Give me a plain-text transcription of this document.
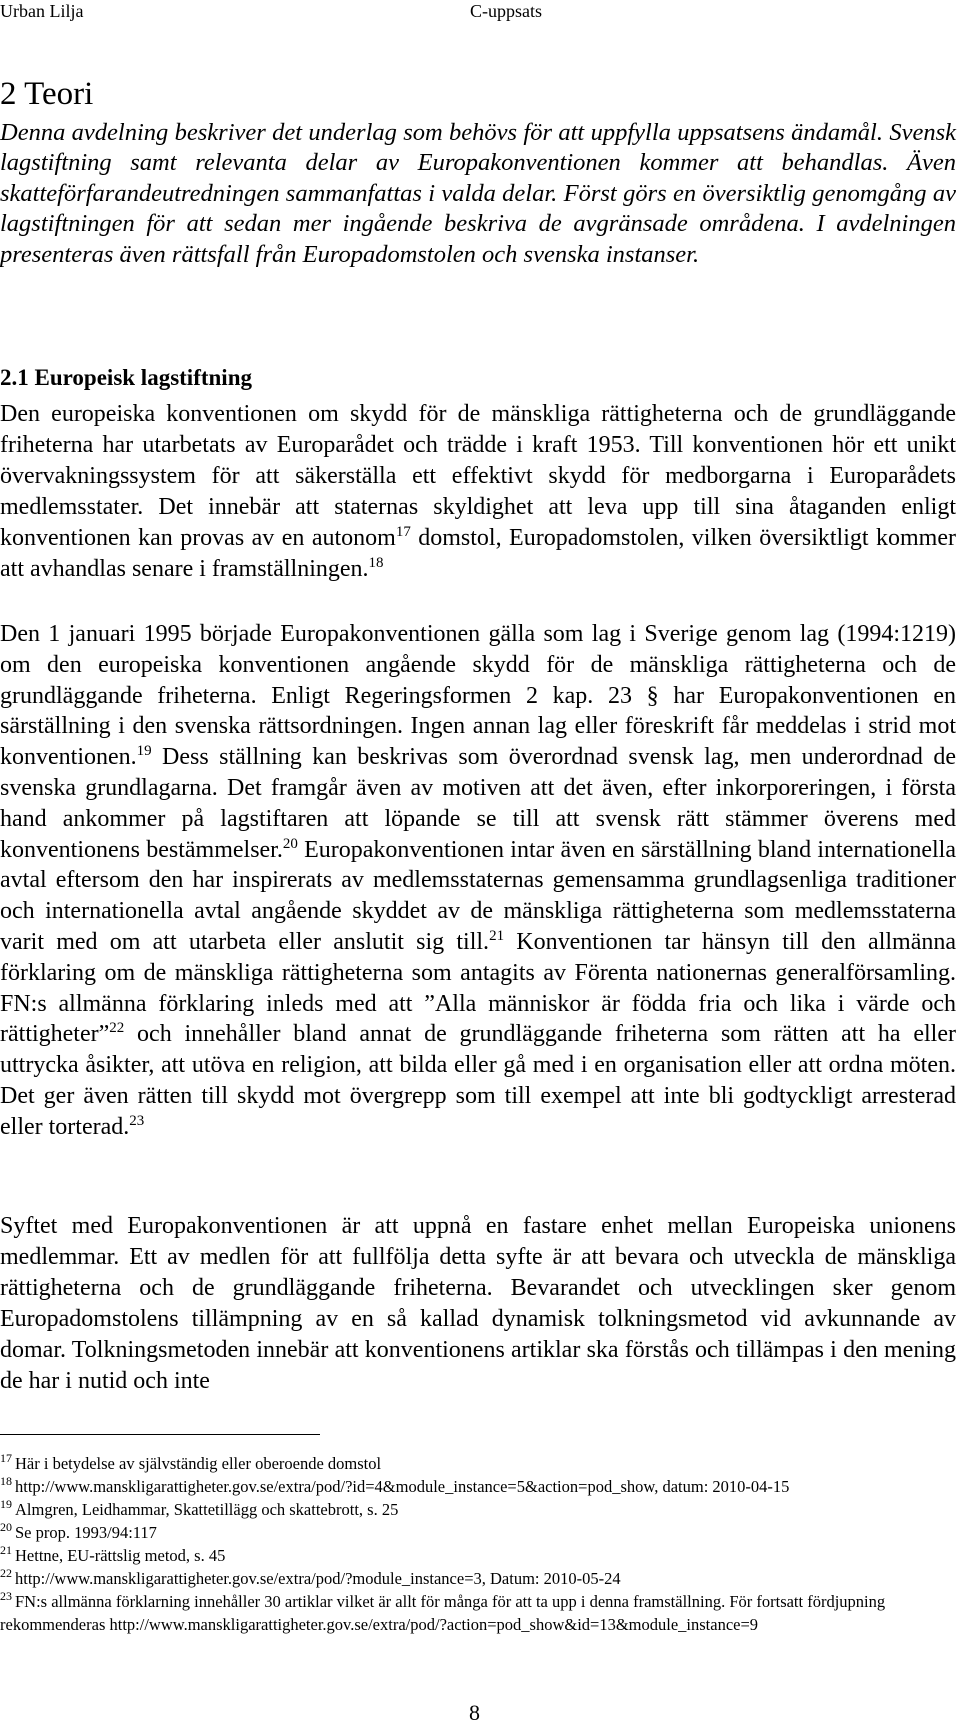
Urban Lilja	C-uppsats
2 Teori

Denna avdelning beskriver det underlag som behövs för att uppfylla uppsatsens ändamål. Svensk lagstiftning samt relevanta delar av Europakonventionen kommer att behandlas. Även skatteförfarandeutredningen sammanfattas i valda delar. Först görs en översiktlig genomgång av lagstiftningen för att sedan mer ingående beskriva de avgränsade områdena. I avdelningen presenteras även rättsfall från Europadomstolen och svenska instanser.

2.1 Europeisk lagstiftning

Den europeiska konventionen om skydd för de mänskliga rättigheterna och de grundläggande friheterna har utarbetats av Europarådet och trädde i kraft 1953. Till konventionen hör ett unikt övervakningssystem för att säkerställa ett effektivt skydd för medborgarna i Europarådets medlemsstater. Det innebär att staternas skyldighet att leva upp till sina åtaganden enligt konventionen kan provas av en autonom$^{17}$ domstol, Europadomstolen, vilken översiktligt kommer att avhandlas senare i framställningen.$^{18}$

Den 1 januari 1995 började Europakonventionen gälla som lag i Sverige genom lag (1994:1219) om den europeiska konventionen angående skydd för de mänskliga rättigheterna och de grundläggande friheterna. Enligt Regeringsformen 2 kap. 23 § har Europakonventionen en särställning i den svenska rättsordningen. Ingen annan lag eller föreskrift får meddelas i strid mot konventionen.$^{19}$ Dess ställning kan beskrivas som överordnad svensk lag, men underordnad de svenska grundlagarna. Det framgår även av motiven att det även, efter inkorporeringen, i första hand ankommer på lagstiftaren att löpande se till att svensk rätt stämmer överens med konventionens bestämmelser.$^{20}$ Europakonventionen intar även en särställning bland internationella avtal eftersom den har inspirerats av medlemsstaternas gemensamma grundlagsenliga traditioner och internationella avtal angående skyddet av de mänskliga rättigheterna som medlemsstaterna varit med om att utarbeta eller anslutit sig till.$^{21}$ Konventionen tar hänsyn till den allmänna förklaring om de mänskliga rättigheterna som antagits av Förenta nationernas generalförsamling. FN:s allmänna förklaring inleds med att ”Alla människor är födda fria och lika i värde och rättigheter”$^{22}$ och innehåller bland annat de grundläggande friheterna som rätten att ha eller uttrycka åsikter, att utöva en religion, att bilda eller gå med i en organisation eller att ordna möten. Det ger även rätten till skydd mot övergrepp som till exempel att inte bli godtyckligt arresterad eller torterad.$^{23}$

Syftet med Europakonventionen är att uppnå en fastare enhet mellan Europeiska unionens medlemmar. Ett av medlen för att fullfölja detta syfte är att bevara och utveckla de mänskliga rättigheterna och de grundläggande friheterna. Bevarandet och utvecklingen sker genom Europadomstolens tillämpning av en så kallad dynamisk tolkningsmetod vid avkunnande av domar. Tolkningsmetoden innebär att konventionens artiklar ska förstås och tillämpas i den mening de har i nutid och inte

$^{17}$ Här i betydelse av självständig eller oberoende domstol
$^{18}$ http://www.manskligarattigheter.gov.se/extra/pod/?id=4&module_instance=5&action=pod_show, datum: 2010-04-15
$^{19}$ Almgren, Leidhammar, Skattetillägg och skattebrott, s. 25
$^{20}$ Se prop. 1993/94:117
$^{21}$ Hettne, EU-rättslig metod, s. 45
$^{22}$ http://www.manskligarattigheter.gov.se/extra/pod/?module_instance=3, Datum: 2010-05-24
$^{23}$ FN:s allmänna förklarning innehåller 30 artiklar vilket är allt för många för att ta upp i denna framställning. För fortsatt fördjupning rekommenderas http://www.manskligarattigheter.gov.se/extra/pod/?action=pod_show&id=13&module_instance=9
8
